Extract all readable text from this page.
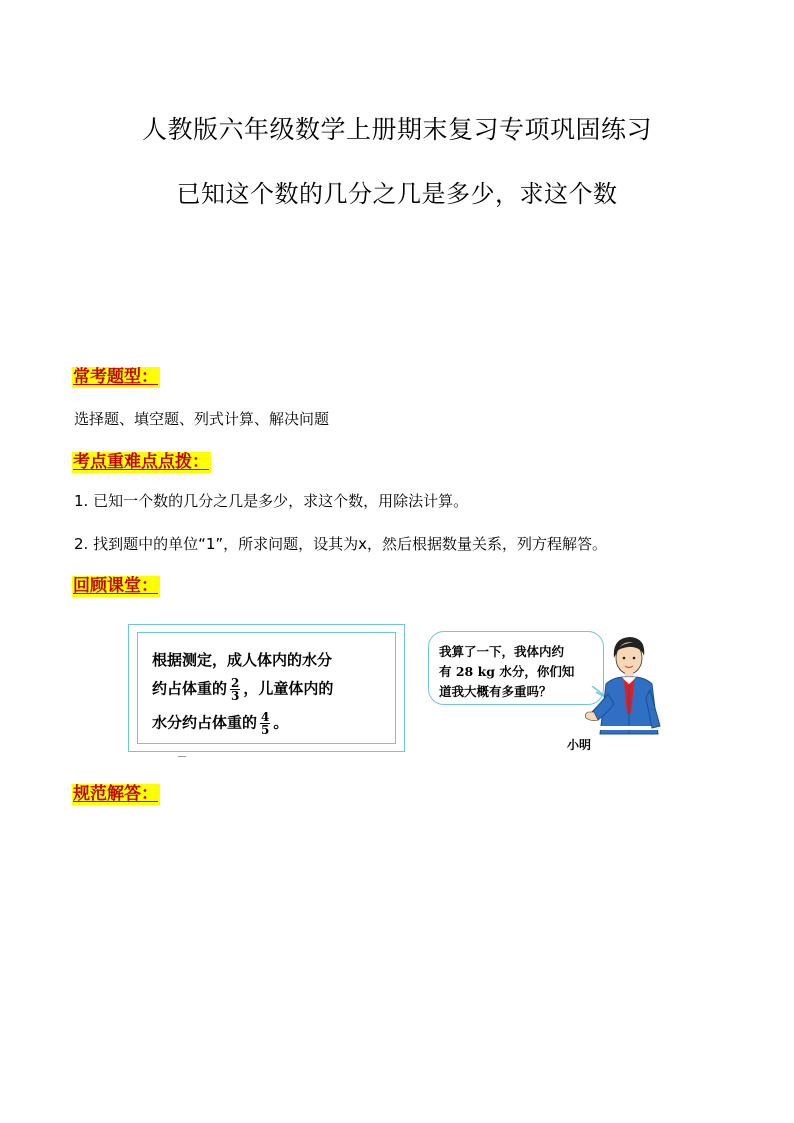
人教版六年级数学上册期末复习专项巩固练习
已知这个数的几分之几是多少，求这个数
常考题型：
选择题、填空题、列式计算、解决问题
考点重难点点拨：
1. 已知一个数的几分之几是多少，求这个数，用除法计算。
2. 找到题中的单位“1”，所求问题，设其为x，然后根据数量关系，列方程解答。
回顾课堂：
根据测定，成人体内的水分
约占体重的 $\frac{2}{3}$ ，儿童体内的
水分约占体重的 $\frac{4}{5}$ 。
我算了一下，我体内约
有 28 kg 水分，你们知
道我大概有多重吗？
小明
规范解答：
